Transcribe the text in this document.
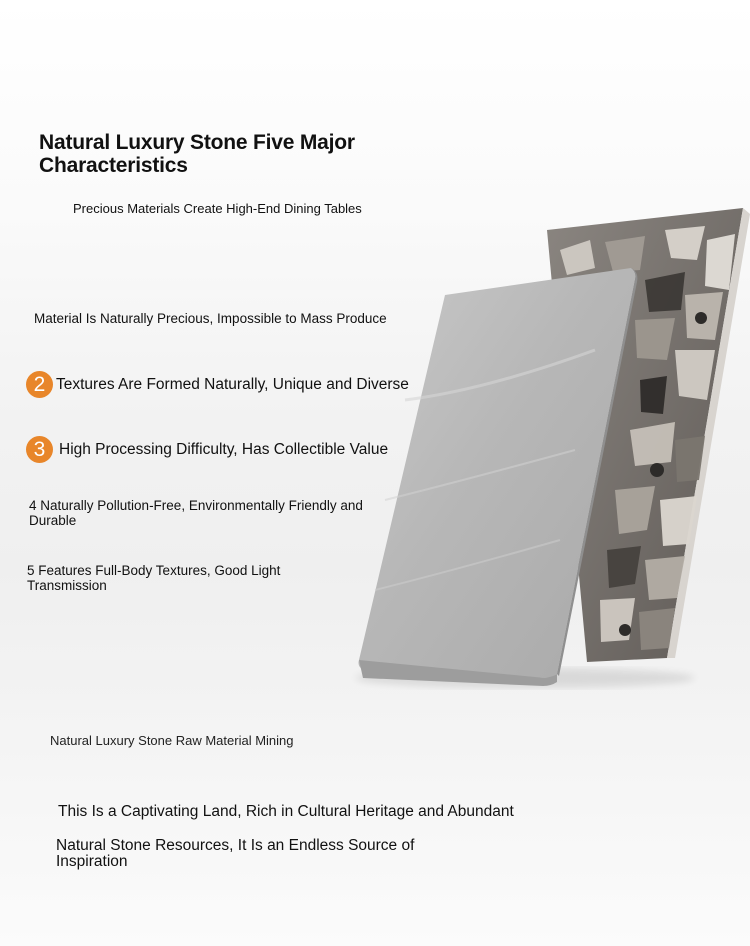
Natural Luxury Stone Five Major Characteristics
Precious Materials Create High-End Dining Tables
Material Is Naturally Precious, Impossible to Mass Produce
2 Textures Are Formed Naturally, Unique and Diverse
3 High Processing Difficulty, Has Collectible Value
4 Naturally Pollution-Free, Environmentally Friendly and Durable
5 Features Full-Body Textures, Good Light Transmission
Natural Luxury Stone Raw Material Mining
This Is a Captivating Land, Rich in Cultural Heritage and Abundant
Natural Stone Resources, It Is an Endless Source of Inspiration
